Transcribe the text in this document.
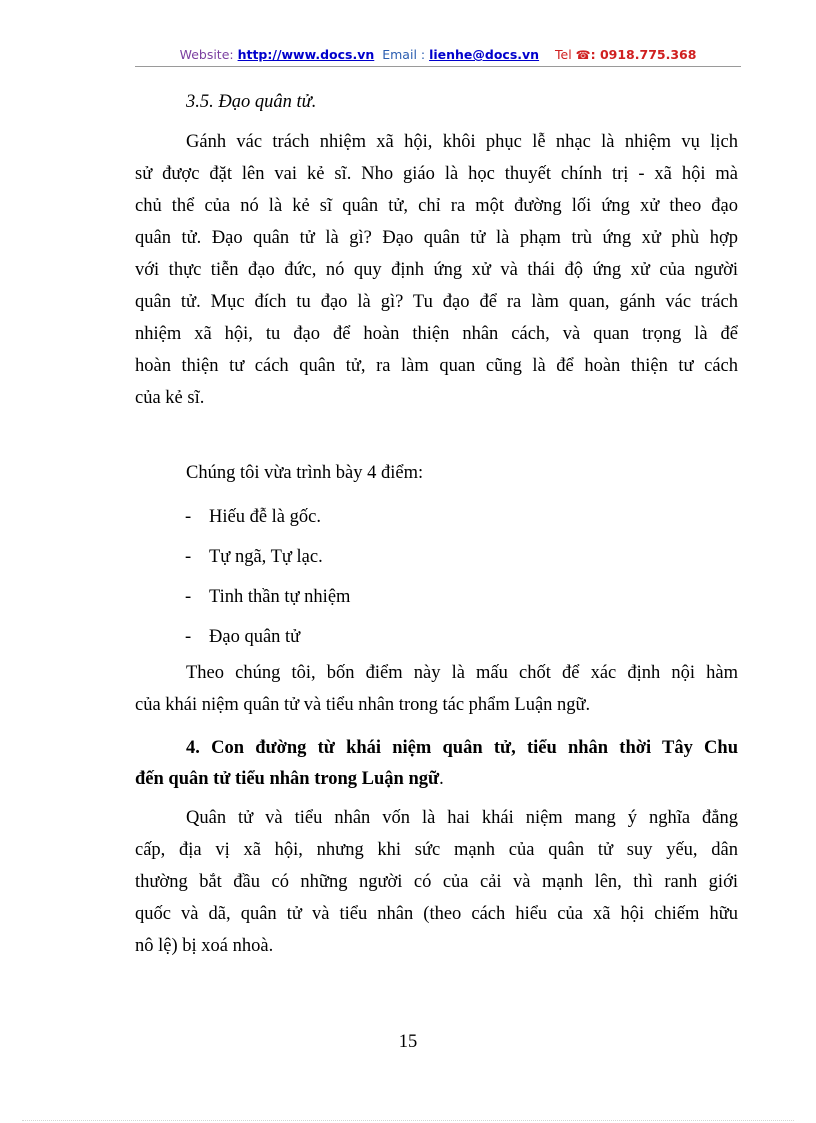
Website: http://www.docs.vn Email : lienhe@docs.vn Tel ☎: 0918.775.368
3.5. Đạo quân tử.
Gánh vác trách nhiệm xã hội, khôi phục lễ nhạc là nhiệm vụ lịch
sử được đặt lên vai kẻ sĩ. Nho giáo là học thuyết chính trị - xã hội mà
chủ thể của nó là kẻ sĩ quân tử, chỉ ra một đường lối ứng xử theo đạo
quân tử. Đạo quân tử là gì? Đạo quân tử là phạm trù ứng xử phù hợp
với thực tiễn đạo đức, nó quy định ứng xử và thái độ ứng xử của người
quân tử. Mục đích tu đạo là gì? Tu đạo để ra làm quan, gánh vác trách
nhiệm xã hội, tu đạo để hoàn thiện nhân cách, và quan trọng là để
hoàn thiện tư cách quân tử, ra làm quan cũng là để hoàn thiện tư cách
của kẻ sĩ.
Chúng tôi vừa trình bày 4 điểm:
- Hiếu đễ là gốc.
- Tự ngã, Tự lạc.
- Tinh thần tự nhiệm
- Đạo quân tử
Theo chúng tôi, bốn điểm này là mấu chốt để xác định nội hàm
của khái niệm quân tử và tiểu nhân trong tác phẩm Luận ngữ.
4. Con đường từ khái niệm quân tử, tiểu nhân thời Tây Chu
đến quân tử tiểu nhân trong Luận ngữ.
Quân tử và tiểu nhân vốn là hai khái niệm mang ý nghĩa đẳng
cấp, địa vị xã hội, nhưng khi sức mạnh của quân tử suy yếu, dân
thường bắt đầu có những người có của cải và mạnh lên, thì ranh giới
quốc và dã, quân tử và tiểu nhân (theo cách hiểu của xã hội chiếm hữu
nô lệ) bị xoá nhoà.
15
